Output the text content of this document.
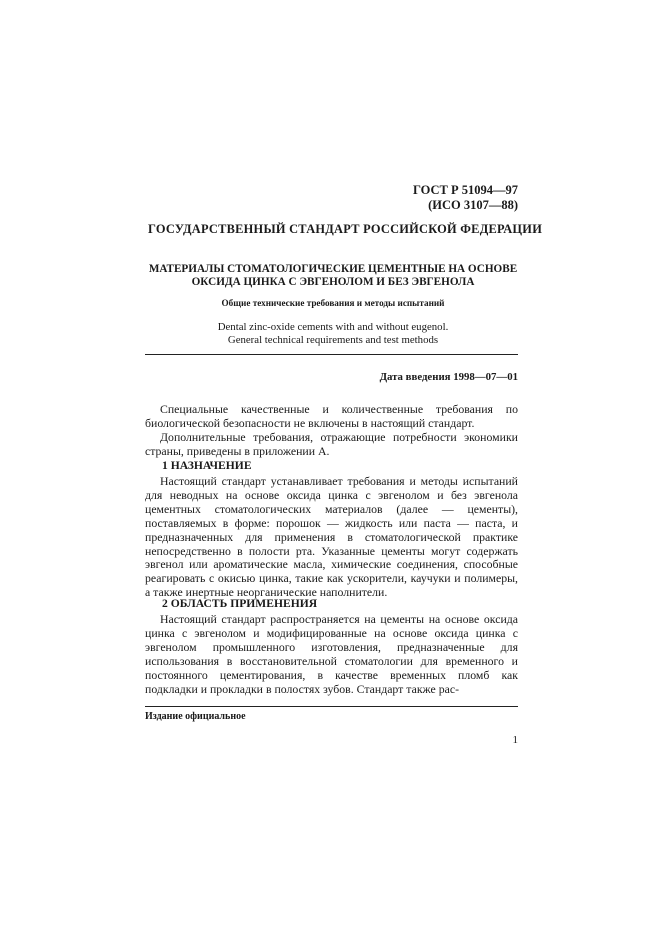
ГОСТ Р 51094—97
(ИСО 3107—88)
ГОСУДАРСТВЕННЫЙ СТАНДАРТ РОССИЙСКОЙ ФЕДЕРАЦИИ
МАТЕРИАЛЫ СТОМАТОЛОГИЧЕСКИЕ ЦЕМЕНТНЫЕ НА ОСНОВЕ
ОКСИДА ЦИНКА С ЭВГЕНОЛОМ И БЕЗ ЭВГЕНОЛА
Общие технические требования и методы испытаний
Dental zinc-oxide cements with and without eugenol.
General technical requirements and test methods
Дата введения 1998—07—01
Специальные качественные и количественные требования по биологической безопасности не включены в настоящий стандарт.
Дополнительные требования, отражающие потребности экономики страны, приведены в приложении А.
1 НАЗНАЧЕНИЕ
Настоящий стандарт устанавливает требования и методы испытаний для неводных на основе оксида цинка с эвгенолом и без эвгенола цементных стоматологических материалов (далее — цементы), поставляемых в форме: порошок — жидкость или паста — паста, и предназначенных для применения в стоматологической практике непосредственно в полости рта. Указанные цементы могут содержать эвгенол или ароматические масла, химические соединения, способные реагировать с окисью цинка, такие как ускорители, каучуки и полимеры, а также инертные неорганические наполнители.
2 ОБЛАСТЬ ПРИМЕНЕНИЯ
Настоящий стандарт распространяется на цементы на основе оксида цинка с эвгенолом и модифицированные на основе оксида цинка с эвгенолом промышленного изготовления, предназначенные для использования в восстановительной стоматологии для временного и постоянного цементирования, в качестве временных пломб как подкладки и прокладки в полостях зубов. Стандарт также рас-
Издание официальное
1
